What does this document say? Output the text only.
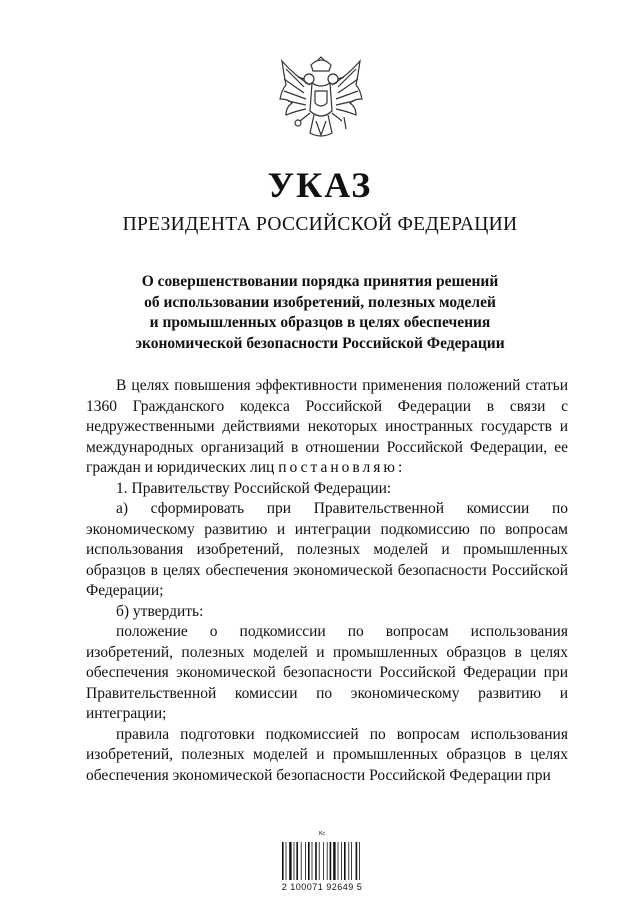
УКАЗ
ПРЕЗИДЕНТА РОССИЙСКОЙ ФЕДЕРАЦИИ
О совершенствовании порядка принятия решений
об использовании изобретений, полезных моделей
и промышленных образцов в целях обеспечения
экономической безопасности Российской Федерации

В целях повышения эффективности применения положений статьи 1360 Гражданского кодекса Российской Федерации в связи с недружественными действиями некоторых иностранных государств и международных организаций в отношении Российской Федерации, ее граждан и юридических лиц постановляю:

1. Правительству Российской Федерации:

а) сформировать при Правительственной комиссии по экономическому развитию и интеграции подкомиссию по вопросам использования изобретений, полезных моделей и промышленных образцов в целях обеспечения экономической безопасности Российской Федерации;

б) утвердить:

положение о подкомиссии по вопросам использования изобретений, полезных моделей и промышленных образцов в целях обеспечения экономической безопасности Российской Федерации при Правительственной комиссии по экономическому развитию и интеграции;

правила подготовки подкомиссией по вопросам использования изобретений, полезных моделей и промышленных образцов в целях обеспечения экономической безопасности Российской Федерации при

Кс
2 100071 92649 5
